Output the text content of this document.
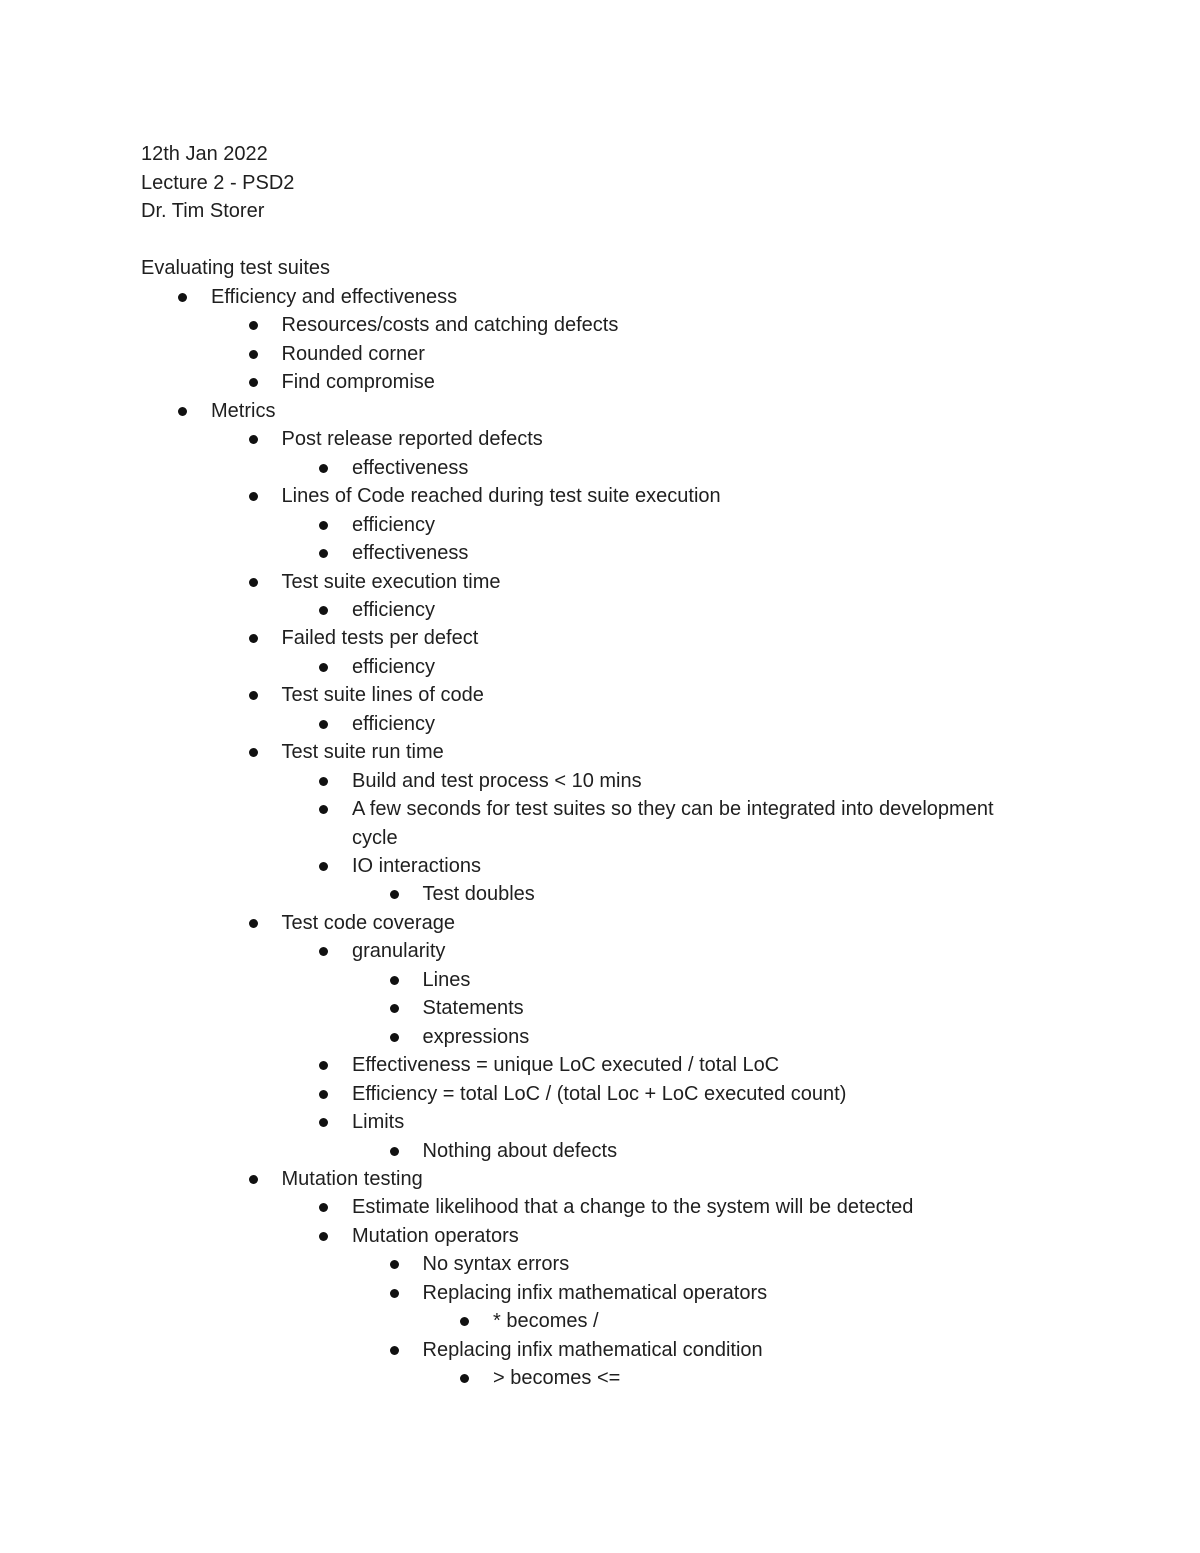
12th Jan 2022
Lecture 2 - PSD2
Dr. Tim Storer
Evaluating test suites
Efficiency and effectiveness
Resources/costs and catching defects
Rounded corner
Find compromise
Metrics
Post release reported defects
effectiveness
Lines of Code reached during test suite execution
efficiency
effectiveness
Test suite execution time
efficiency
Failed tests per defect
efficiency
Test suite lines of code
efficiency
Test suite run time
Build and test process < 10 mins
A few seconds for test suites so they can be integrated into development
cycle
IO interactions
Test doubles
Test code coverage
granularity
Lines
Statements
expressions
Effectiveness = unique LoC executed / total LoC
Efficiency = total LoC / (total Loc + LoC executed count)
Limits
Nothing about defects
Mutation testing
Estimate likelihood that a change to the system will be detected
Mutation operators
No syntax errors
Replacing infix mathematical operators
* becomes /
Replacing infix mathematical condition
> becomes <=
